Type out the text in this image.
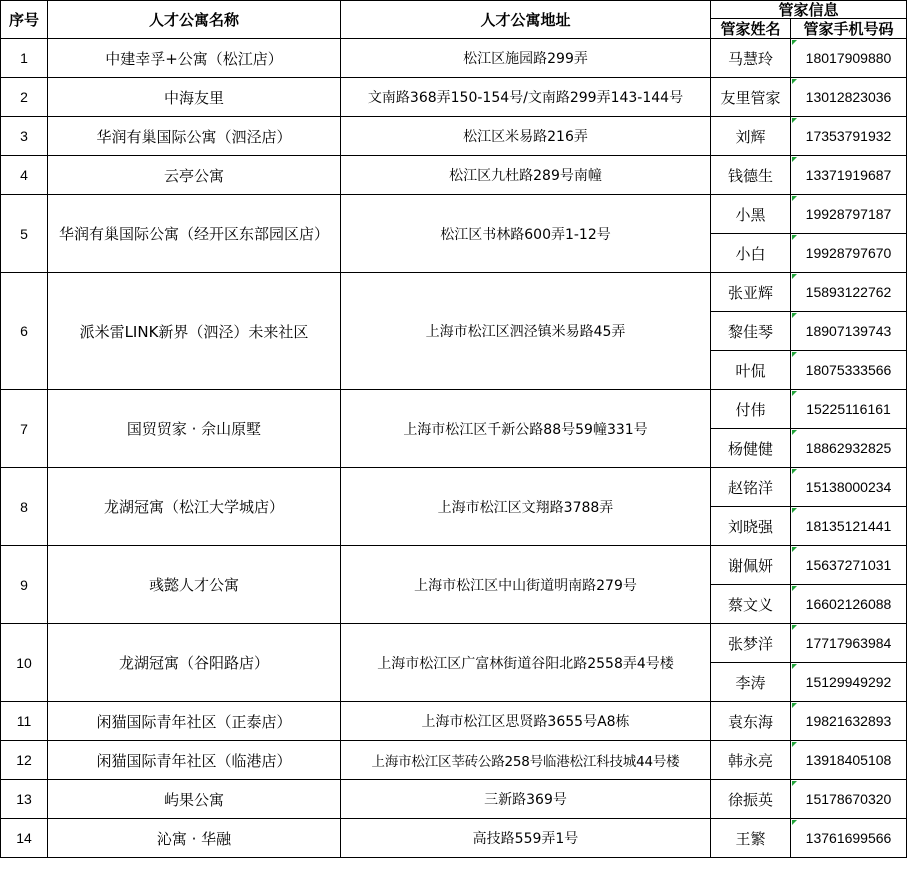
序号	人才公寓名称	人才公寓地址	管家信息	
			管家姓名	管家手机号码
1	中建幸孚+公寓（松江店）	松江区施园路299弄	马慧玲	18017909880
2	中海友里	文南路368弄150-154号/文南路299弄143-144号	友里管家	13012823036
3	华润有巢国际公寓（泗泾店）	松江区米易路216弄	刘辉	17353791932
4	云亭公寓	松江区九杜路289号南幢	钱德生	13371919687
5	华润有巢国际公寓（经开区东部园区店）	松江区书林路600弄1-12号	小黑	19928797187
			小白	19928797670
6	派米雷LINK新界（泗泾）未来社区	上海市松江区泗泾镇米易路45弄	张亚辉	15893122762
			黎佳琴	18907139743
			叶侃	18075333566
7	国贸贸家 · 佘山原墅	上海市松江区千新公路88号59幢331号	付伟	15225116161
			杨健健	18862932825
8	龙湖冠寓（松江大学城店）	上海市松江区文翔路3788弄	赵铭洋	15138000234
			刘晓强	18135121441
9	彧懿人才公寓	上海市松江区中山街道明南路279号	谢佩妍	15637271031
			蔡文义	16602126088
10	龙湖冠寓（谷阳路店）	上海市松江区广富林街道谷阳北路2558弄4号楼	张梦洋	17717963984
			李涛	15129949292
11	闲猫国际青年社区（正泰店）	上海市松江区思贤路3655号A8栋	袁东海	19821632893
12	闲猫国际青年社区（临港店）	上海市松江区莘砖公路258号临港松江科技城44号楼	韩永亮	13918405108
13	屿果公寓	三新路369号	徐振英	15178670320
14	沁寓 · 华融	高技路559弄1号	王繁	13761699566
